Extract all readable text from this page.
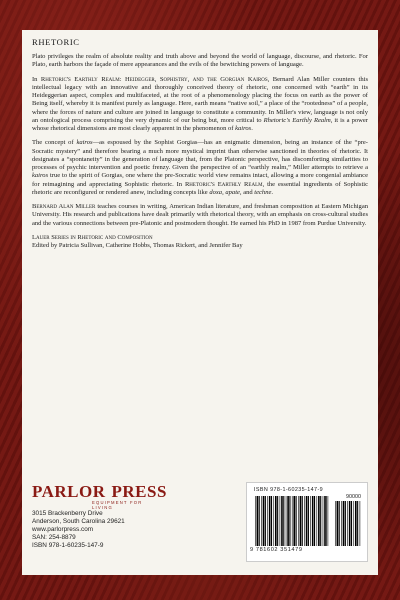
RHETORIC

Plato privileges the realm of absolute reality and truth above and beyond the world of language, discourse, and rhetoric. For Plato, earth harbors the façade of mere appearances and the evils of the bewitching powers of language.

In Rhetoric's Earthly Realm: Heidegger, Sophistry, and the Gorgian Kairos, Bernard Alan Miller counters this intellectual legacy with an innovative and thoroughly conceived theory of rhetoric, one concerned with “earth” in its Heideggerian aspect, complex and multifaceted, at the root of a phenomenology placing the focus on earth as the power of Being itself, whereby it is manifest purely as language. Here, earth means “native soil,” a place of the “rootedness” of a people, where the forces of nature and culture are joined in language to constitute a community. In Miller's view, language is not only an ontological process comprising the very dynamic of our being but, more critical to Rhetoric's Earthly Realm, it is a power whose rhetorical dimensions are most clearly apparent in the phenomenon of kairos.

The concept of kairos—as espoused by the Sophist Gorgias—has an enigmatic dimension, being an instance of the “pre-Socratic mystery” and therefore bearing a much more mystical imprint than otherwise sanctioned in theories of rhetoric. It designates a “spontaneity” in the generation of language that, from the Platonic perspective, has discomforting similarities to processes of psychic intervention and poetic frenzy. Given the perspective of an “earthly realm,” Miller attempts to retrieve a kairos true to the spirit of Gorgias, one where the pre-Socratic world view remains intact, allowing a more congenial ambiance for reimagining and appreciating Sophistic rhetoric. In Rhetoric's Earthly Realm, the essential ingredients of Sophistic rhetoric are reconfigured or rendered anew, including concepts like doxa, apate, and techne.

Bernard Alan Miller teaches courses in writing, American Indian literature, and freshman composition at Eastern Michigan University. His research and publications have dealt primarily with rhetorical theory, with an emphasis on cross-cultural studies and the various connections between pre-Platonic and postmodern thought. He earned his PhD in 1987 from Purdue University.

Lauer Series in Rhetoric and Composition
Edited by Patricia Sullivan, Catherine Hobbs, Thomas Rickert, and Jennifer Bay
PARLOR PRESS
EQUIPMENT FOR LIVING
3015 Brackenberry Drive
Anderson, South Carolina 29621
www.parlorpress.com
SAN: 254-8879
ISBN 978-1-60235-147-9
ISBN 978-1-60235-147-9
90000
9 781602 351479
